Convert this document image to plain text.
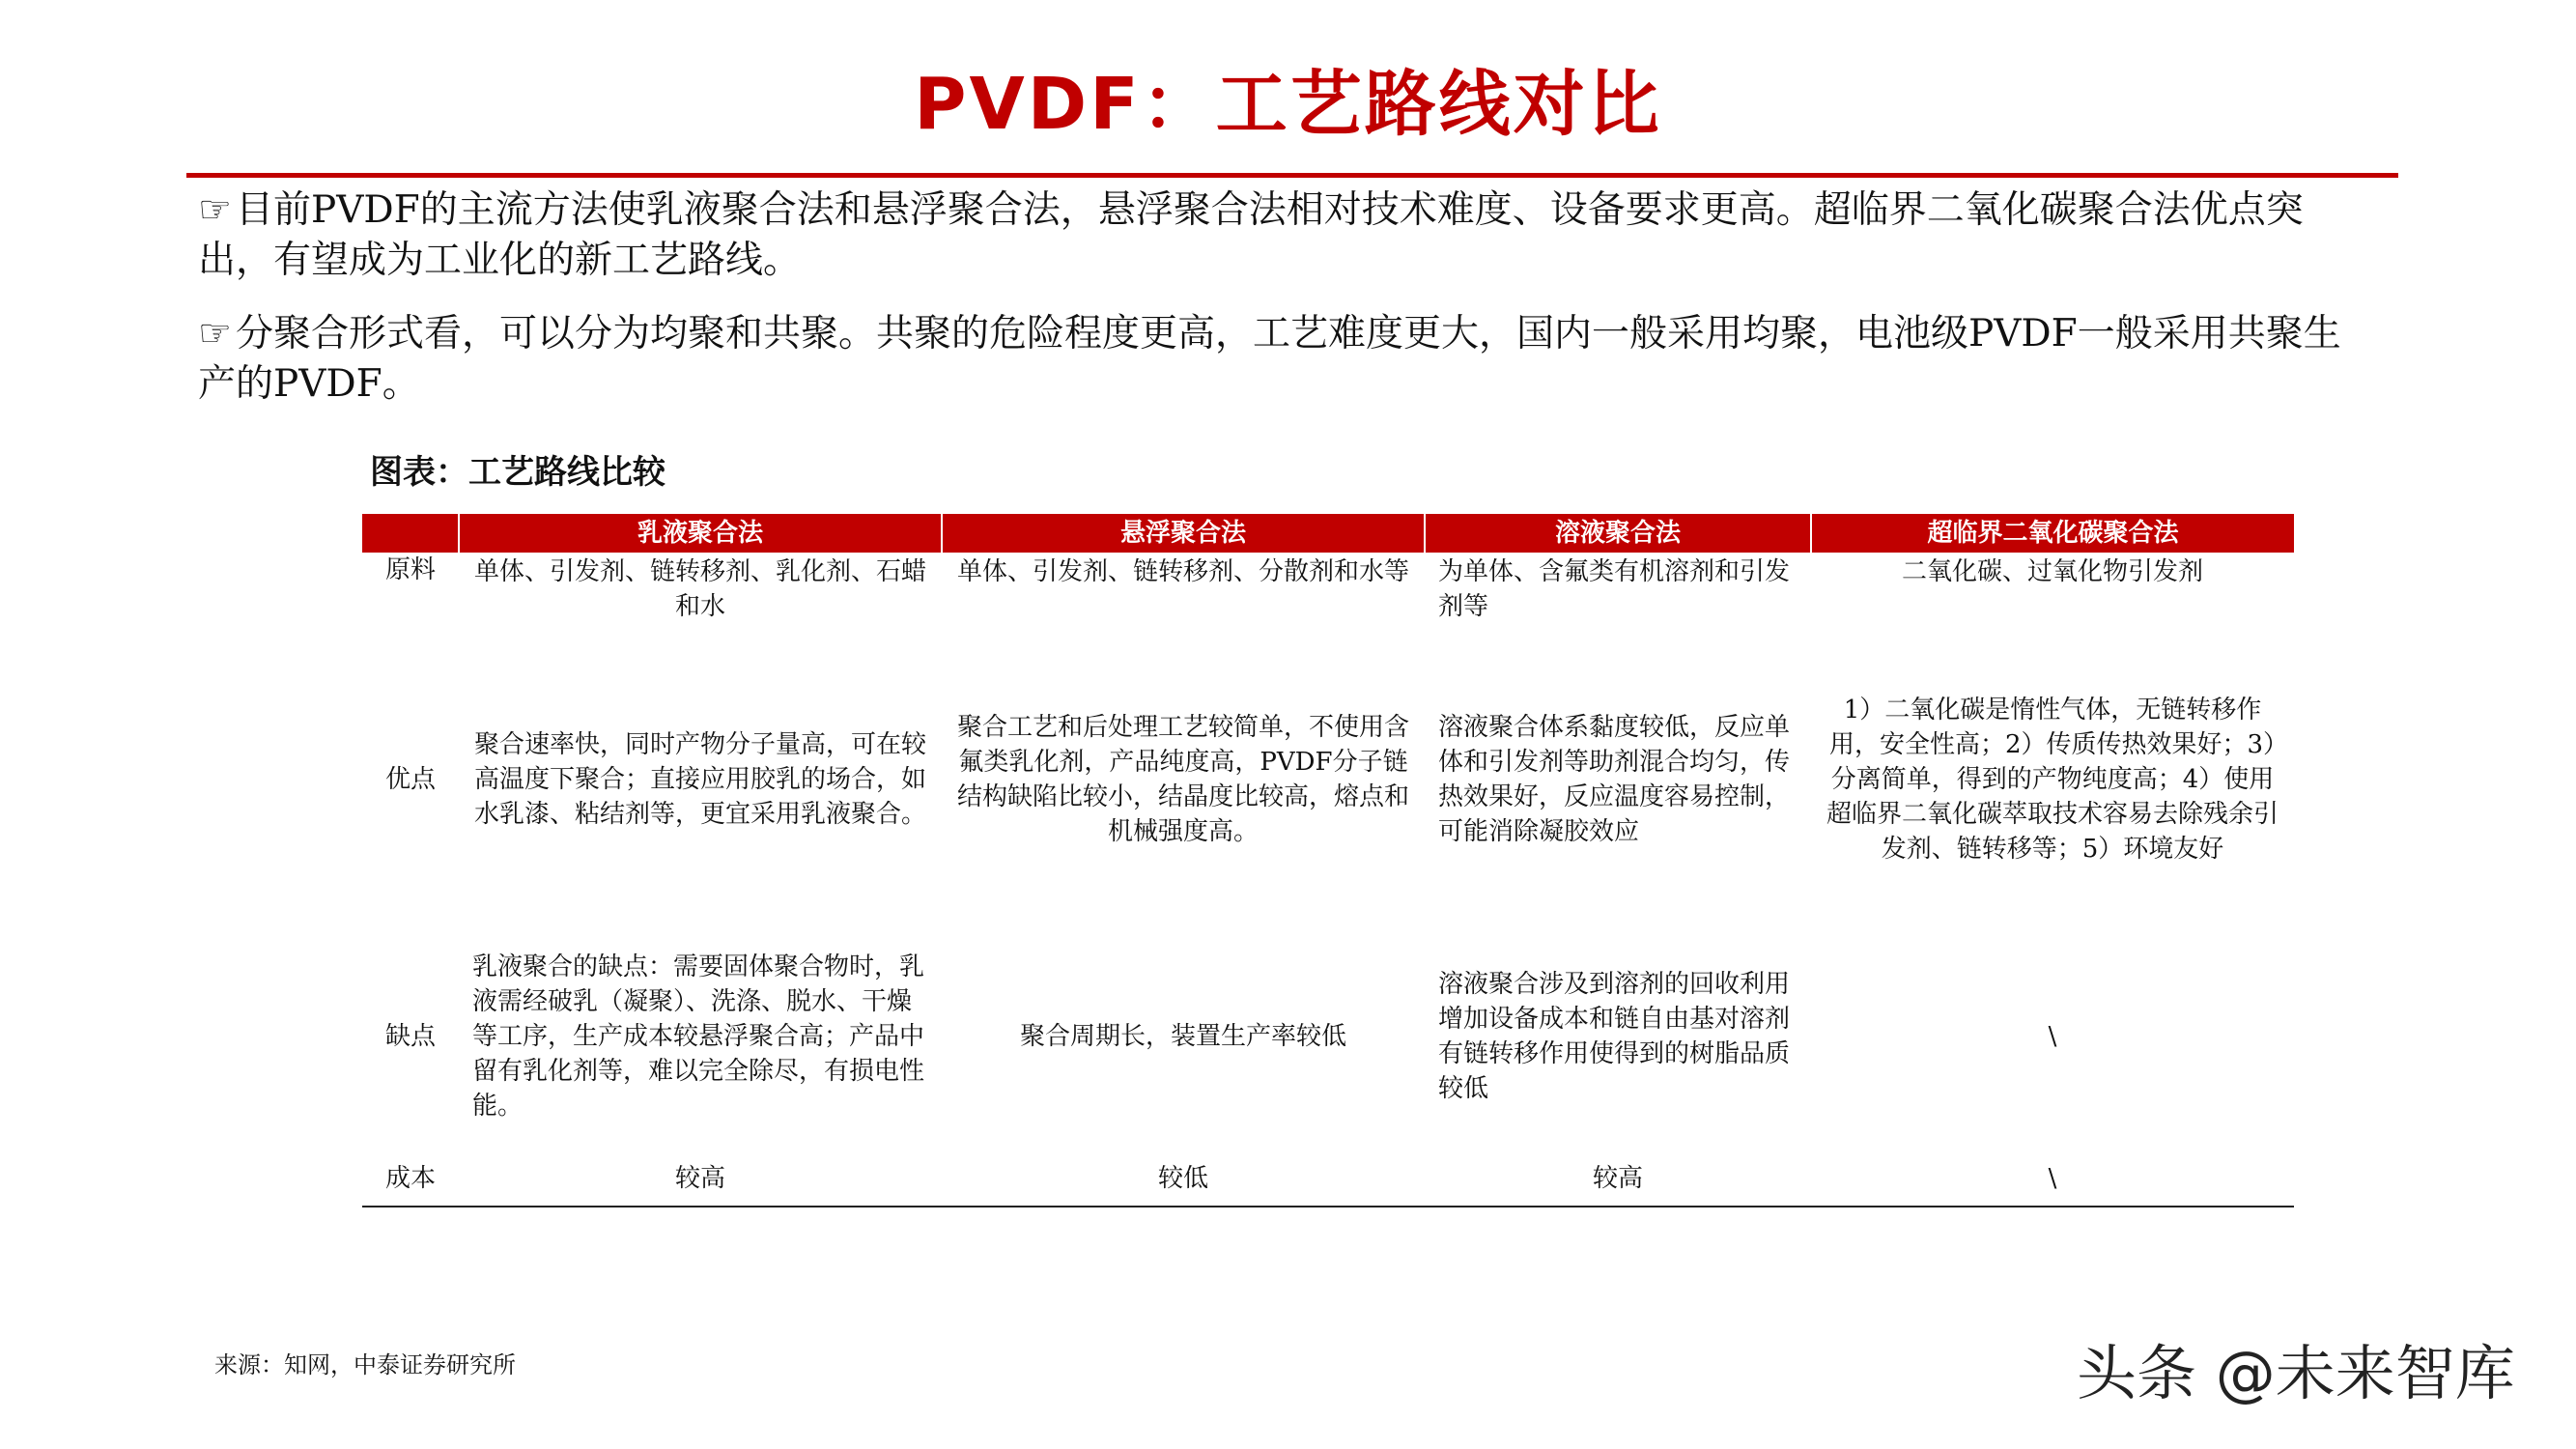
PVDF：工艺路线对比
☞ 目前PVDF的主流方法使乳液聚合法和悬浮聚合法，悬浮聚合法相对技术难度、设备要求更高。超临界二氧化碳聚合法优点突出，有望成为工业化的新工艺路线。
☞ 分聚合形式看，可以分为均聚和共聚。共聚的危险程度更高，工艺难度更大，国内一般采用均聚，电池级PVDF一般采用共聚生产的PVDF。
图表：工艺路线比较
	乳液聚合法	悬浮聚合法	溶液聚合法	超临界二氧化碳聚合法
原料	单体、引发剂、链转移剂、乳化剂、石蜡和水	单体、引发剂、链转移剂、分散剂和水等	为单体、含氟类有机溶剂和引发剂等	二氧化碳、过氧化物引发剂
优点	聚合速率快，同时产物分子量高，可在较高温度下聚合；直接应用胶乳的场合，如水乳漆、粘结剂等，更宜采用乳液聚合。	聚合工艺和后处理工艺较简单，不使用含氟类乳化剂，产品纯度高，PVDF分子链结构缺陷比较小，结晶度比较高，熔点和机械强度高。	溶液聚合体系黏度较低，反应单体和引发剂等助剂混合均匀，传热效果好，反应温度容易控制，可能消除凝胶效应	1）二氧化碳是惰性气体，无链转移作用，安全性高；2）传质传热效果好；3）分离简单，得到的产物纯度高；4）使用超临界二氧化碳萃取技术容易去除残余引发剂、链转移等；5）环境友好
缺点	乳液聚合的缺点：需要固体聚合物时，乳液需经破乳（凝聚）、洗涤、脱水、干燥等工序，生产成本较悬浮聚合高；产品中留有乳化剂等，难以完全除尽，有损电性能。	聚合周期长，装置生产率较低	溶液聚合涉及到溶剂的回收利用增加设备成本和链自由基对溶剂有链转移作用使得到的树脂品质较低	\
成本	较高	较低	较高	\
来源：知网，中泰证券研究所	头条 @未来智库
